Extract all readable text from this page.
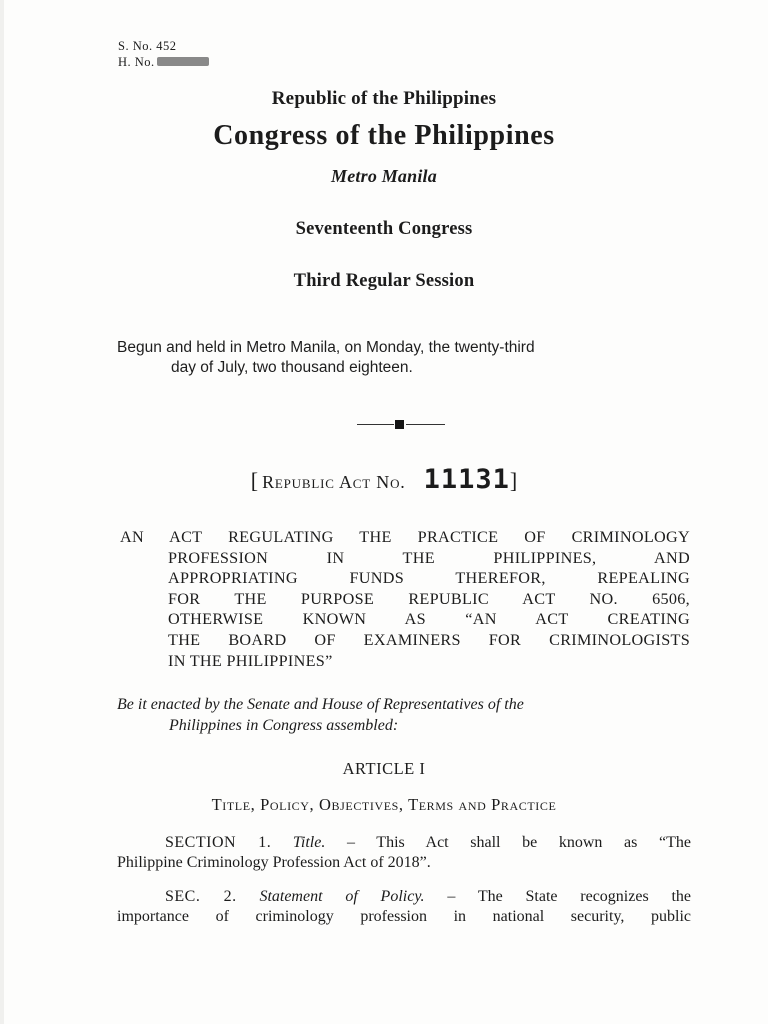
S. No. 452
H. No.
Republic of the Philippines
Congress of the Philippines
Metro Manila
Seventeenth Congress
Third Regular Session
Begun and held in Metro Manila, on Monday, the twenty-third
day of July, two thousand eighteen.
[ Republic Act No. 11131]
AN ACT REGULATING THE PRACTICE OF CRIMINOLOGY
PROFESSION IN THE PHILIPPINES, AND
APPROPRIATING FUNDS THEREFOR, REPEALING
FOR THE PURPOSE REPUBLIC ACT NO. 6506,
OTHERWISE KNOWN AS “AN ACT CREATING
THE BOARD OF EXAMINERS FOR CRIMINOLOGISTS
IN THE PHILIPPINES”
Be it enacted by the Senate and House of Representatives of the
Philippines in Congress assembled:
ARTICLE I
Title, Policy, Objectives, Terms and Practice
SECTION 1. Title. – This Act shall be known as “The
Philippine Criminology Profession Act of 2018”.
SEC. 2. Statement of Policy. – The State recognizes the
importance of criminology profession in national security, public
